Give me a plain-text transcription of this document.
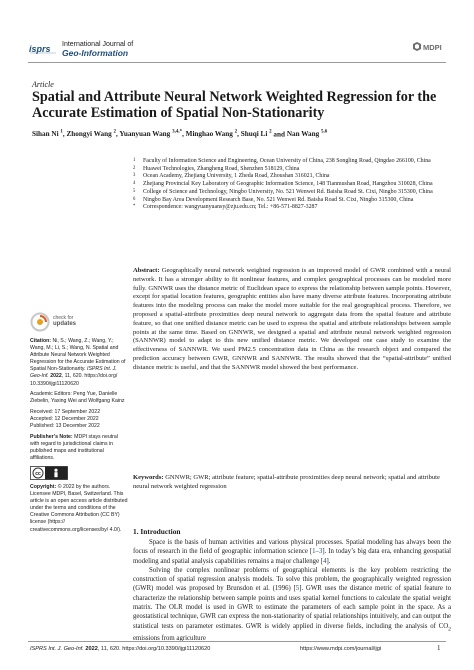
isprs International Journal of
Geo-Information
MDPI
Article
Spatial and Attribute Neural Network Weighted Regression for the Accurate Estimation of Spatial Non-Stationarity
Sihan Ni $^1$, Zhongyi Wang $^2$, Yuanyuan Wang $^{3,4,*}$, Minghao Wang $^2$, Shuqi Li $^2$ and Nan Wang $^{5,6}$
1 Faculty of Information Science and Engineering, Ocean University of China, 238 Songling Road, Qingdao 266100, China
2 Huawei Technologies, Zhangheng Road, Shenzhen 518129, China
3 Ocean Academy, Zhejiang University, 1 Zheda Road, Zhoushan 316021, China
4 Zhejiang Provincial Key Laboratory of Geographic Information Science, 148 Tianmushan Road, Hangzhou 310028, China
5 College of Science and Technology, Ningbo University, No. 521 Wenwei Rd. Baisha Road St. Cixi, Ningbo 315300, China
6 Ningbo Bay Area Development Research Base, No. 521 Wenwei Rd. Baisha Road St. Cixi, Ningbo 315300, China
* Correspondence: wangyuanyuansy@zju.edu.cn; Tel.: +86-571-8827-3287
Abstract: Geographically neural network weighted regression is an improved model of GWR combined with a neural network. It has a stronger ability to fit nonlinear features, and complex geographical processes can be modeled more fully. GNNWR uses the distance metric of Euclidean space to express the relationship between sample points. However, except for spatial location features, geographic entities also have many diverse attribute features. Incorporating attribute features into the modeling process can make the model more suitable for the real geographical process. Therefore, we proposed a spatial-attribute proximities deep neural network to aggregate data from the spatial feature and attribute feature, so that one unified distance metric can be used to express the spatial and attribute relationships between sample points at the same time. Based on GNNWR, we designed a spatial and attribute neural network weighted regression (SANNWR) model to adapt to this new unified distance metric. We developed one case study to examine the effectiveness of SANNWR. We used PM2.5 concentration data in China as the research object and compared the prediction accuracy between GWR, GNNWR and SANNWR. The results showed that the “spatial-attribute” unified distance metric is useful, and that the SANNWR model showed the best performance.
Keywords: GNNWR; GWR; attribute feature; spatial-attribute proximities deep neural network; spatial and attribute neural network weighted regression
check for
updates

Citation: Ni, S.; Wang, Z.; Wang, Y.; Wang, M.; Li, S.; Wang, N. Spatial and Attribute Neural Network Weighted Regression for the Accurate Estimation of Spatial Non-Stationarity. ISPRS Int. J. Geo-Inf. 2022, 11, 620. https://doi.org/ 10.3390/ijgi11120620

Academic Editors: Peng Yue, Danielle Ziebelin, Yaxing Wei and Wolfgang Kainz

Received: 17 September 2022
Accepted: 12 December 2022
Published: 13 December 2022

Publisher’s Note: MDPI stays neutral with regard to jurisdictional claims in published maps and institutional affiliations.

cc

Copyright: © 2022 by the authors. Licensee MDPI, Basel, Switzerland. This article is an open access article distributed under the terms and conditions of the Creative Commons Attribution (CC BY) license (https:// creativecommons.org/licenses/by/ 4.0/).	1. Introduction

Space is the basis of human activities and various physical processes. Spatial modeling has always been the focus of research in the field of geographic information science [1–3]. In today’s big data era, enhancing geospatial modeling and spatial analysis capabilities remains a major challenge [4].

Solving the complex nonlinear problems of geographical elements is the key problem restricting the construction of spatial regression analysis models. To solve this problem, the geographically weighted regression (GWR) model was proposed by Brunsdon et al. (1996) [5]. GWR uses the distance metric of spatial feature to characterize the relationship between sample points and uses spatial kernel functions to calculate the spatial weight matrix. The OLR model is used in GWR to estimate the parameters of each sample point in the space. As a geostatistical technique, GWR can express the non-stationarity of spatial relationships intuitively, and can output the statistical tests on parameter estimates. GWR is widely applied in diverse fields, including the analysis of $CO_2$ emissions from agriculture

ISPRS Int. J. Geo-Inf. 2022, 11, 620. https://doi.org/10.3390/ijgi11120620	https://www.mdpi.com/journal/ijgi	1
